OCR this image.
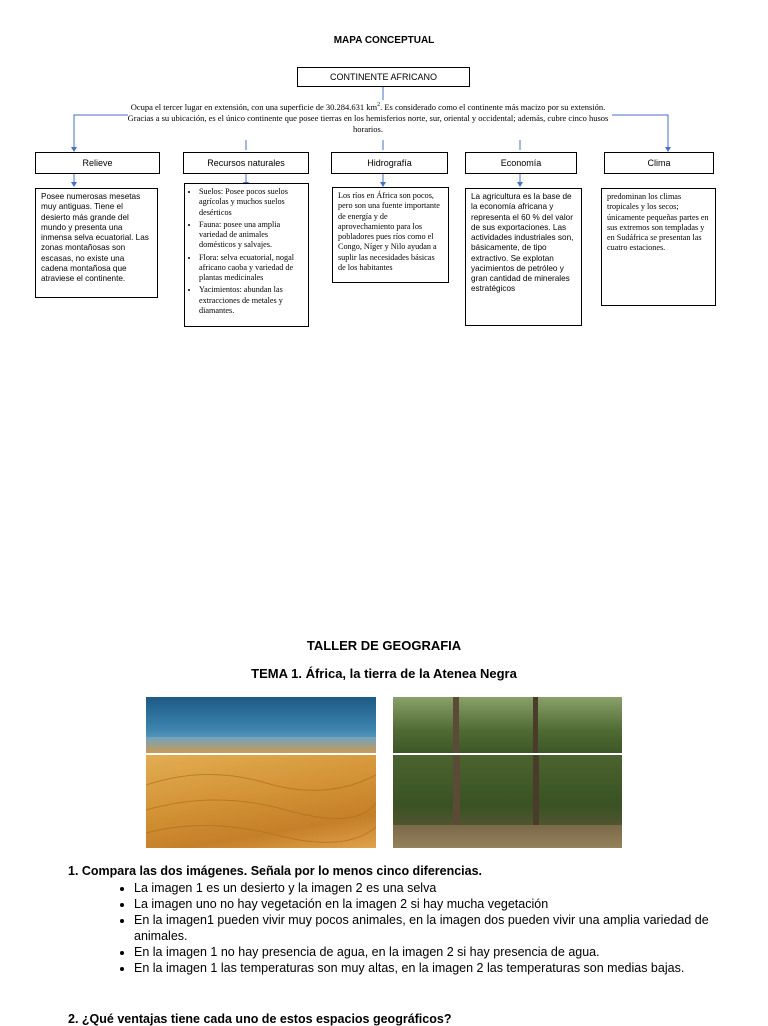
MAPA CONCEPTUAL
CONTINENTE AFRICANO
Ocupa el tercer lugar en extensión, con una superficie de 30.284.631 $km^2$. Es considerado como el continente más macizo por su extensión. Gracias a su ubicación, es el único continente que posee tierras en los hemisferios norte, sur, oriental y occidental; además, cubre cinco husos horarios.
Relieve	Recursos naturales	Hidrografía	Economía	Clima
Posee numerosas mesetas muy antiguas. Tiene el desierto más grande del mundo y presenta una inmensa selva ecuatorial. Las zonas montañosas son escasas, no existe una cadena montañosa que atraviese el continente.
• Suelos: Posee pocos suelos agrícolas y muchos suelos desérticos
• Fauna: posee una amplia variedad de animales domésticos y salvajes.
• Flora: selva ecuatorial, nogal africano caoba y variedad de plantas medicinales
• Yacimientos: abundan las extracciones de metales y diamantes.
Los ríos en África son pocos, pero son una fuente importante de energía y de aprovechamiento para los pobladores pues ríos como el Congo, Níger y Nilo ayudan a suplir las necesidades básicas de los habitantes
La agricultura es la base de la economía africana y representa el 60 % del valor de sus exportaciones. Las actividades industriales son, básicamente, de tipo extractivo. Se explotan yacimientos de petróleo y gran cantidad de minerales estratégicos
predominan los climas tropicales y los secos; únicamente pequeñas partes en sus extremos son templadas y en Sudáfrica se presentan las cuatro estaciones.
TALLER DE GEOGRAFIA
TEMA 1. África, la tierra de la Atenea Negra
1. Compara las dos imágenes. Señala por lo menos cinco diferencias.
• La imagen 1 es un desierto y la imagen 2 es una selva
• La imagen uno no hay vegetación en la imagen 2 si hay mucha vegetación
• En la imagen1 pueden vivir muy pocos animales, en la imagen dos pueden vivir una amplia variedad de animales.
• En la imagen 1 no hay presencia de agua, en la imagen 2 si hay presencia de agua.
• En la imagen 1 las temperaturas son muy altas, en la imagen 2 las temperaturas son medias bajas.
2. ¿Qué ventajas tiene cada uno de estos espacios geográficos?
